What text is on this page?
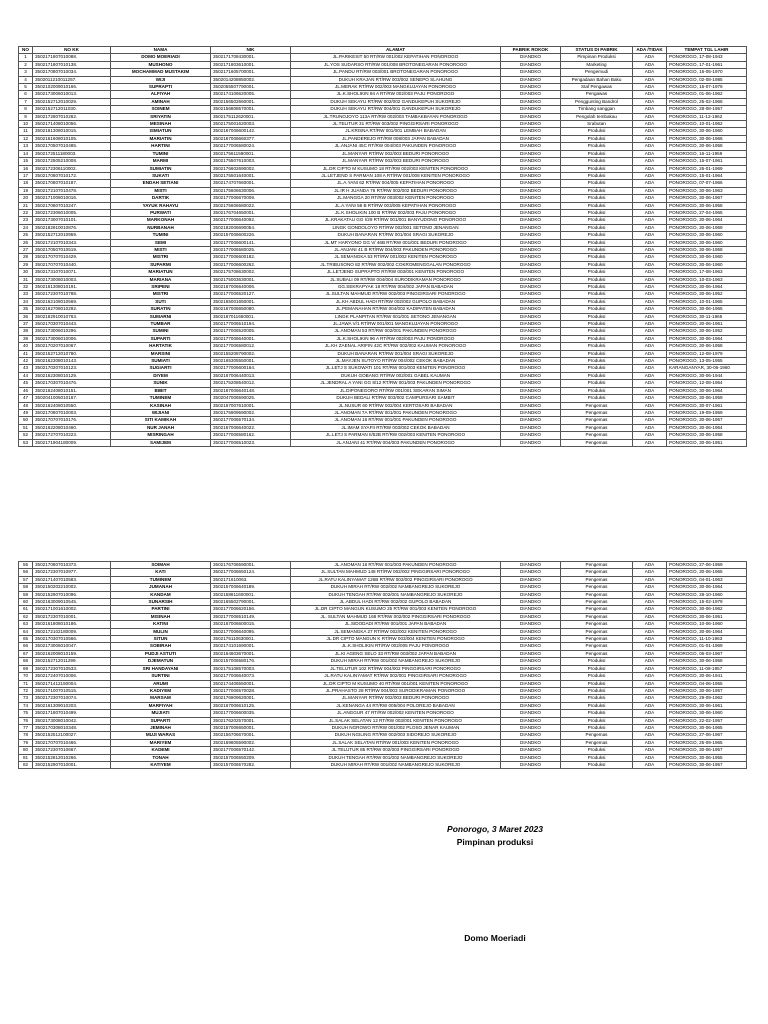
NO	NO KK	NAMA	NIK	ALAMAT	PABRIK ROKOK	STATUS DI PABRIK	ADA /TIDAK	TEMPAT TGL LAHIR
1	3502171807010088.	DOMO MOERIADI	3502171708430001.	JL.PARIKESIT 50 RT/RW 001/002 KEPATIHAN PONOROGO	DIANDKO	Pimpinan Produksi	ADA	PONOROGO, 17-08-1943
2	3502171807010138.	MUSHONO	3502171803610001.	JL.YOS SUDARSO RT/RW 001/008 BROTONEGARAN PONOROGO	DIANDKO	Marketing	ADA	PONOROGO, 17-01-1961
3	3502170807010034.	MOCHAMMAD MUSTAKIM	3502171605700001.	JL.PANDU RT/RW 003/001 BROTONEGARAN PONOROGO	DIANDKO	Pengemudi	ADA	PONOROGO, 16-05-1970
4	3502011210011257.	WIJI	3502014208850002.	DUKUH KRAJAN RT/RW 003/002 SENEPO SLAHUNG	DIANDKO	Pengadaan Bahan Baku	ADA	PONOROGO, 02-08-1985
5	3502102009010166.	SUPRAPTI	3502055507790001.	JL.MERAK RT/RW 002/003 MANGKUJAYAN PONOROGO	DIANDKO	Staf Pengawas	ADA	PONOROGO, 15-07-1979
6	3502173006010013.	ALFIYAH	3502174106620005.	JL.K.SHOLIKIN 94 A RT/RW 002/003 PAJU PONOROGO	DIANDKO	Pengawas	ADA	PONOROGO, 01-06-1962
7	3502152712010029.	AMINAH	3502156502660001.	DUKUH SEKAYU RT/RW 002/002 GANDUKEPUH SUKOREJO	DIANDKO	Penggunting Bandrol	ADA	PONOROGO, 25-02-1966
8	3502152712011030.	SOINEM	3502156808570001.	DUKUH SEKAYU RT/RW 004/001 GANDUKEPUH SUKOREJO	DIANDKO	Timbang sanggan	ADA	PONOROGO, 28-08-1957
9	3502172807010262.	SRIYATIN	3502175112620001.	JL.TRUNOJOYO 113A RT/RW 002/003 TAMBAKBAYAN PONOROGO	DIANDKO	Pengolah tembakau	ADA	PONOROGO, 11-12-1962
10	3502171408010056.	MESINAH	3502175001620003.	JL.TELITUR 31 RT/RW 003/002 PINGGIRSARI PONOROGO	DIANDKO	Srabutan	ADA	PONOROGO, 10-01-1962
11	3502161308010015.	ISMIATUN	3502167006600142.	JL.KRISNA RT/RW 001/001 LEMBAH BABADAN	DIANDKO	Produksi	ADA	PONOROGO, 30-06-1960
12	3502161608010105.	MARIATIN	3502167006660377.	JL.PANDEREJO RT/RW 008/003 JAPAN BABADAN	DIANDKO	Produksi	ADA	PONOROGO, 30-06-1966
13	3502170507010485.	HARTINI	3502177006580024.	JL.ANJANI 45C RT/RW 004/003 PAKUNDEN PONOROGO	DIANDKO	Produksi	ADA	PONOROGO, 30-06-1958
14	3502172511180003.	TUMINI	3502175611590001.	JL.MANYAR RT/RW 002/003 BEDURI PONOROGO	DIANDKO	Produksi	ADA	PONOROGO, 16-11-1959
15	3502172505210008.	MARMI	3502175507610003.	JL.MANYAR RT/RW 002/003 BEDURI PONOROGO	DIANDKO	Produksi	ADA	PONOROGO, 15-07-1961
16	3502172306110002.	SUMIATIN	3502176602690002.	JL.DR CIPTO M KUSUMO 18 RT/RW 002/003 KENITEN PONOROGO	DIANDKO	Produksi	ADA	PONOROGO, 26-01-1969
17	3502170807010172.	SUKATI	3502175501640001.	JL.LETJEND S PARMAN 108 A RT/RW 001/008 KENITEN PONOROGO	DIANDKO	Produksi	ADA	PONOROGO, 15-01-1964
18	3502170807010187.	ENDAH SETIANI	3502174707660001.	JL.A.YANI 62 RT/RW 004/005 KEPATIHAN PONOROGO	DIANDKO	Produksi	ADA	PONOROGO, 07-07-1966
19	3502172107010478.	MISTI	3502175606630006.	JL.IR H JUANDA 76 RT/RW 002/002 BEDURI PONOROGO	DIANDKO	Produksi	ADA	PONOROGO, 30-06-1963
20	3502171008010016.	DARTIK	3502177006670009.	JL.MANGGA 20 RT/RW 003/002 KENITEN PONOROGO	DIANDKO	Produksi	ADA	PONOROGO, 30-06-1967
21	3502170807010247.	YAYUK RAHAYU	3502175606580022.	JL.A.YANI 58 B RT/RW 003/005 KEPATIHAN PONOROGO	DIANDKO	Produksi	ADA	PONOROGO, 30-06-1958
22	3502172306010005.	PURWATI	3502176704650001.	JL.K.SHOLIKIN 100 B RT/RW 002/003 PAJU PONOROGO	DIANDKO	Produksi	ADA	PONOROGO, 27-04-1965
23	3502173007010101.	MARKONAH	3502177006640092.	JL.KRAKATAU GG I/29 RT/RW 001/001 BANYUDONO PONOROGO	DIANDKO	Produksi	ADA	PONOROGO, 30-06-1964
24	3502182910010876.	NURBANAH	3502182006690054.	LINGK GONDOLOYO RT/RW 002/001 SETONO JENANGAN	DIANDKO	Produksi	ADA	PONOROGO, 30-06-1969
25	3502152712010959.	TUMINI	3502157006600226.	DUKUH BANARAN RT/RW 001/004 SRAGI SUKOREJO	DIANDKO	Produksi	ADA	PONOROGO, 30-06-1960
26	3502172107010343.	SEMI	3502177006600141.	JL.MT HARYONO GG V/ 46B RT/RW 001/001 BEDURI PONOROGO	DIANDKO	Produksi	ADA	PONOROGO, 30-06-1960
27	3502170507010519.	MISTI	3502177006580025.	JL.ANJANI 41 B RT/RW 004/003 PAKUNDEN PONOROGO	DIANDKO	Produksi	ADA	PONOROGO, 30-06-1958
28	3502170707010429.	MISTRI	3502177006600182.	JL.SEMANGKA 53 RT/RW 001/002 KENITEN PONOROGO	DIANDKO	Produksi	ADA	PONOROGO, 30-06-1960
29	3502170707010440.	SUPARMI	3502177006600262.	JL.TRIBUSONO 82 RT/RW 002/002 COKROMENGGALAN PONOROGO	DIANDKO	Produksi	ADA	PONOROGO, 30-06-1960
30	3502173107010071.	MARIATUN	3502175708630002.	JL.LETJEND SUPRAPTO RT/RW 003/001 KENITEN PONOROGO	DIANDKO	Produksi	ADA	PONOROGO, 17-08-1963
31	3502173006010003.	MARIANA	3502175003630001.	JL.SUBALI 09 RT/RW 004/004 SURODIKRAMAN PONOROGO	DIANDKO	Produksi	ADA	PONOROGO, 10-03-1963
32	3502161308010191.	SRIPENI	3502167006640006.	GG.SEKRAPYAK 18 RT/RW 004/002 JAPAN BABADAN	DIANDKO	Produksi	ADA	PONOROGO, 30-06-1964
33	3502172307010788.	MISTRI	3502177006520127.	JL.SULTAN MAHMUD RT/RW 002/003 PINGGIRSARI PONOROGO	DIANDKO	Produksi	ADA	PONOROGO, 30-06-1952
34	3502162108010569.	SUTI	3502165001650001.	JL.KH ABDUL HADI RT/RW 002/002 GUPOLO BABADAN	DIANDKO	Produksi	ADA	PONOROGO, 10-01-1965
35	3502162708010292.	SURATIN	3502167006650080.	JL.PEMANAHAN RT/RW 004/002 KADIPATEN BABADAN	DIANDKO	Produksi	ADA	PONOROGO, 30-06-1965
36	3502182910010763.	SUMARNI	3502187011650001.	LINGK PLANPITAN RT/RW 001/001 SETONO JENANGAN	DIANDKO	Produksi	ADA	PONOROGO, 30-11-1965
37	3502170307010443.	TUMBAR	3502177006510194.	JL.JAWA V/1 RT/RW 001/001 MANGKUJAYAN PONOROGO	DIANDKO	Produksi	ADA	PONOROGO, 30-06-1961
38	3502173006010296.	SUMINI	3502177006520005.	JL.ANOMAN 53 RT/RW 002/001 PAKUNDEN PONOROGO	DIANDKO	Produksi	ADA	PONOROGO, 30-06-1952
39	3502173006010006.	SUPARTI	3502177006640001.	JL.K.SHOLIKIN 96 A RT/RW 002/003 PAJU PONOROGO	DIANDKO	Produksi	ADA	PONOROGO, 30-06-1964
40	3502170207010067.	HARTATIK	3502177006580012.	JL.KH ZAENAL ARIFIN 42C RT/RW 002/002 KAUMAN PONOROGO	DIANDKO	Produksi	ADA	PONOROGO, 30-06-1958
41	3502152712010780.	MARSINI	3502155208790002.	DUKUH BANARAN RT/RW 001/004 SRAGI SUKOREJO	DIANDKO	Produksi	ADA	PONOROGO, 12-08-1979
42	3502162308010143.	SUMIATI	3502165305550001.	JL.MAYJEN SUTOYO RT/RW 004/002 CEKOK BABADAN	DIANDKO	Produksi	ADA	PONOROGO, 13-05-1955
43	3502170207010123.	SUGIARTI	3502177006600164.	JL.LETJ S SUKOWATI 101 RT/RW 001/003 KENITEN PONOROGO	DIANDKO	Produksi	ADA	KARANGANYAR, 30-06-1960
44	3502162308010129.	DIYEM	3502167006440013.	DUKUH GOBANG RT/RW 002/001 GABEL KAUMAN	DIANDKO	Produksi	ADA	PONOROGO, 30-06-1944
45	3502170307010476.	SUNIK	3502175208540012.	JL.JENDRAL A YANI GG 8/12 RT/RW 001/003 PAKUNDEN PONOROGO	DIANDKO	Produksi	ADA	PONOROGO, 12-08-1954
46	3502162408010151.	BIBIT	3502167006640148.	JL.DIPONEGORO RT/RW 001/001 SEKARAN SIMAN	DIANDKO	Produksi	ADA	PONOROGO, 30-06-1964
47	3502041005010167.	TUMINEM	3502047006590025.	DUKUH BEDALI RT/RW 003/002 CAMPURSARI SAMBIT	DIANDKO	Produksi	ADA	PONOROGO, 30-06-1959
48	3502162408010550.	KASINAH	3502167007610001.	JL.NUSUR 60 RT/RW 002/004 KERTOSARI BABADAN	DIANDKO	Pengemas	ADA	PONOROGO, 30-07-1961
49	3502170807010003.	WIJIANI	3502175909590002.	JL.ANOMAN 7A RT/RW 001/001 PAKUNDEN PONOROGO	DIANDKO	Pengemas	ADA	PONOROGO, 19-09-1959
50	3502170707010176.	SITI KAMIKAH	3502177006570134.	JL.ANOMAN 16 RT/RW 001/001 PAKUNDEN PONOROGO	DIANDKO	Pengemas	ADA	PONOROGO, 30-06-1957
51	3502162208010460.	NUR JANAH	3502167006640022.	JL.IMAM SYAFII RT/RW 003/002 CEKOK BABADAN	DIANDKO	Pengemas	ADA	PONOROGO, 30-06-1964
52	3502172707010223.	MISRINGAH	3502177006580162.	JL.LETJ S PARMAN II/52B RT/RW 002/003 KENITEN PONOROGO	DIANDKO	Pengemas	ADA	PONOROGO, 30-06-1958
53	3502171904180009.	SAMIJEM	3502177006510023.	JL.ANJANI 41 RT/RW 004/003 PAKUNDEN PONOROGO	DIANDKO	Pengemas	ADA	PONOROGO, 30-06-1951
55	3502170807010373.	SOIMAH	3502176706590001.	JL.ANOMAN 16 RT/RW 001/003 PAKUNDEN PONOROGO	DIANDKO	Pengemas	ADA	PONOROGO, 27-06-1959
56	3502172307010977.	KATI	3502177006650124.	JL.SULTAN MAHMUD 148 RT/RW 002/002 PINGGIRSARI PONOROGO	DIANDKO	Pengemas	ADA	PONOROGO, 30-06-1965
57	3502171407010583.	TUMINEM	3502171610063.	JL.RATU KALINYAMAT 126B RT/RW 002/002 PINGGIRSARI PONOROGO	DIANDKO	Pengemas	ADA	PONOROGO, 04-01-1963
58	3502150202210002.	JUMANAH	3502157006640189.	DUKUH MIRAH RT/RW 002/002 NAMBANGREJO SUKOREJO	DIANDKO	Pengemas	ADA	PONOROGO, 30-06-1964
59	3502152907010096.	KANDAM	3502158811600001.	DUKUH TENGAH RT/RW 002/001 NAMBANGREJO SUKOREJO	DIANDKO	Pengemas	ADA	PONOROGO, 28-10-1960
60	3502163009010545.	SUNARSIH	3502165502790001.	JL.ABDUL HADI RT/RW 002/002 GUPOLO BABADAN	DIANDKO	Pengemas	ADA	PONOROGO, 15-02-1979
61	3502171001610002.	PARTINI	3502177006620156.	JL.DR CIPTO MANGUN KUSUMO 25 RT/RW 001/003 KENITEN PONOROGO	DIANDKO	Pengemas	ADA	PONOROGO, 30-06-1962
62	3502172307010001.	MISINAH	3502177006510149.	JL. SULTAN MAHMUD 168 RT/RW 002/002 PINGGIRSARI PONOROGO	DIANDKO	Pengemas	ADA	PONOROGO, 30-06-1951
63	3502161808010186.	KATINI	3502167006600015.	JL.SIDODADI RT/RW 001/001 JAPAN BABADAN	DIANDKO	Pengemas	ADA	PONOROGO, 10-06-1960
64	3502172102180009.	MULIN	3502177006640095.	JL.SEMANGKA 27 RT/RW 002/002 KENITEN PONOROGO	DIANDKO	Pengemas	ADA	PONOROGO, 30-06-1964
65	3502170307010566.	SITUN	3502175110630001.	JL.DR CIPTO MANGUN K RT/RW 003/004 KENITEN PONOROGO	DIANDKO	Pengemas	ADA	PONOROGO, 11-10-1963
66	3502173006010047.	SOBIRAH	3502174101690001.	JL.K.SHOLIKIN RT/RW 002/005 PAJU PONOROGO	DIANDKO	Pengemas	ADA	PONOROGO, 01-01-1969
67	3502162008010159.	PUDJI ASTUTI	3502164603670001.	JL.KI AGENG SELO 33 RT/RW 003/002 JAPAN BABADAN	DIANDKO	Pengemas	ADA	PONOROGO, 06-03-1967
68	3502152712011299.	DJEMATUN	3502157006580176.	DUKUH MIRAH RT/RW 001/002 NAMBANGREJO SUKOREJO	DIANDKO	Produksi	ADA	PONOROGO, 30-06-1958
69	3502172307010533.	SRI HANDAYANI	3502175108570003.	JL.TELUTUR 102 RT/RW 004/002 PINGGIRSARI PONOROGO	DIANDKO	Produksi	ADA	PONOROGO, 11-08-1957
70	3502172407010006.	SURTINI	3502177006640073.	JL.RATU KALINYAMAT RT/RW 002/001 PINGGIRSARI PONOROGO	DIANDKO	Produksi	ADA	PONOROGO, 30-06-1941
71	3502171412150004.	ARUMI	3502174406550001.	JL.DR CIPTO M KUSUMO 40 RT/RW 001/001 KENITEN PONOROGO	DIANDKO	Produksi	ADA	PONOROGO, 04-06-1955
72	3502171007010515.	KADIYEM	3502177006570028.	JL.PRAHASTO 28 RT/RW 004/003 SURODIKRAMAN PONOROGO	DIANDKO	Produksi	ADA	PONOROGO, 30-06-1957
73	3502172307010074.	MARSAM	3502176909620001.	JL.MANYAR RT/RW 002/003 BEDURI PONOROGO	DIANDKO	Produksi	ADA	PONOROGO, 29-09-1962
74	3502161309010203.	MARFIYAH	3502167006610125.	JL.KENANGA 44 RT/RW 005/004 POLOREJO BABADAN	DIANDKO	Produksi	ADA	PONOROGO, 30-06-1961
75	3502171807010499.	MUJIATI	3502177006600035.	JL.ANGGUR 47 RT/RW 002/002 KENITEN PONOROGO	DIANDKO	Produksi	ADA	PONOROGO, 30-06-1960
76	3502173008010042.	SUPARTI	3502176202570001.	JL.SALAK SELATAN 12 RT/RW 003/001 KENITEN PONOROGO	DIANDKO	Produksi	ADA	PONOROGO, 22-02-1957
77	3502170308010348.	JEMINAH	3502157006650001.	DUKUH NGROWO RT/RW 001/002 PLOSO JENAR KAUMAN	DIANDKO	Produksi	ADA	PONOROGO, 30-06-1965
78	3502152512100027.	MUJI WARAS	3502156706670001.	DUKUH NGILING RT/RW 002/003 SIDOREJO SUKOREJO	DIANDKO	Pengemas	ADA	PONOROGO, 27-06-1967
79	3502170707010466.	MARIYEM	3502169805590002.	JL.SALAK SELATAN RT/RW 001/003 KENITEN PONOROGO	DIANDKO	Pengemas	ADA	PONOROGO, 25-09-1965
80	3502172307010667.	KADEMI	3502177006570142.	JL.TELUTUR 85 RT/RW 002/003 PINGGIRSARI PONOROGO	DIANDKO	Produksi	ADA	PONOROGO, 30-06-1957
81	3502152812010266.	TONAH	3502157006550209.	DUKUH TENGAH RT/RW 001/002 NAMBANGREJO SUKOREJO	DIANDKO	Produksi	ADA	PONOROGO, 30-06-1955
82	3502152907010001.	KATIYEM	3502157006570282.	DUKUH MIRAH RT/RW 001/002 NAMBANGREJO SUKOREJO	DIANDKO	Produksi	ADA	PONOROGO, 30-06-1957
Ponorogo, 3 Maret 2023
Pimpinan produksi
Domo Moeriadi
